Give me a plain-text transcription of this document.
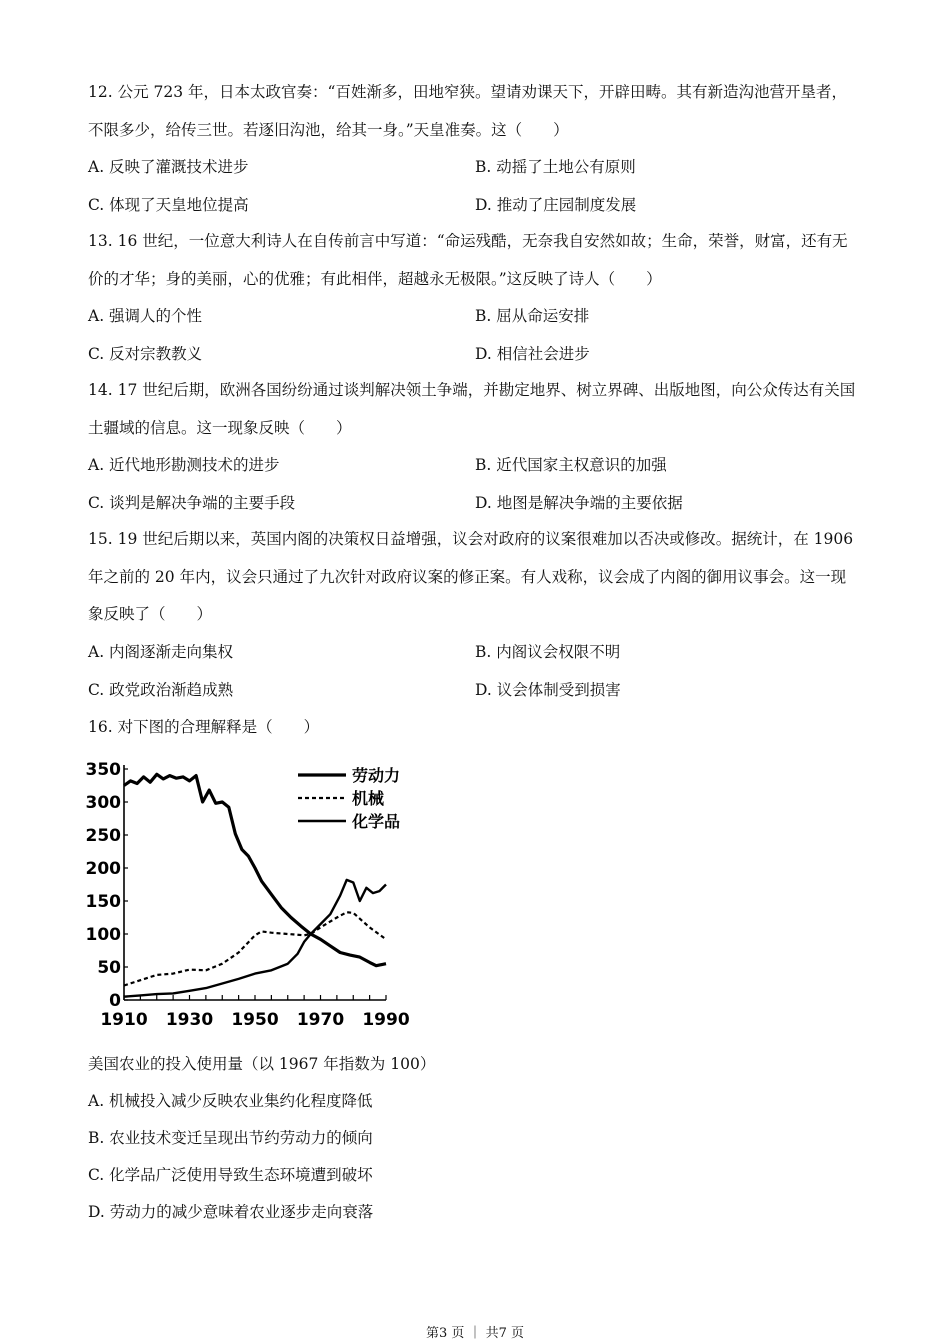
12. 公元 723 年，日本太政官奏：“百姓渐多，田地窄狭。望请劝课天下，开辟田畴。其有新造沟池营开垦者，不限多少，给传三世。若逐旧沟池，给其一身。”天皇准奏。这（　　）
A. 反映了灌溉技术进步	B. 动摇了土地公有原则
C. 体现了天皇地位提高	D. 推动了庄园制度发展
13. 16 世纪，一位意大利诗人在自传前言中写道：“命运残酷，无奈我自安然如故；生命，荣誉，财富，还有无价的才华；身的美丽，心的优雅；有此相伴，超越永无极限。”这反映了诗人（　　）
A. 强调人的个性	B. 屈从命运安排
C. 反对宗教教义	D. 相信社会进步
14. 17 世纪后期，欧洲各国纷纷通过谈判解决领土争端，并勘定地界、树立界碑、出版地图，向公众传达有关国土疆域的信息。这一现象反映（　　）
A. 近代地形勘测技术的进步	B. 近代国家主权意识的加强
C. 谈判是解决争端的主要手段	D. 地图是解决争端的主要依据
15. 19 世纪后期以来，英国内阁的决策权日益增强，议会对政府的议案很难加以否决或修改。据统计，在 1906 年之前的 20 年内，议会只通过了九次针对政府议案的修正案。有人戏称，议会成了内阁的御用议事会。这一现象反映了（　　）
A. 内阁逐渐走向集权	B. 内阁议会权限不明
C. 政党政治渐趋成熟	D. 议会体制受到损害
16. 对下图的合理解释是（　　）
0
50
100
150
200
250
300
350
1910 1930 1950 1970 1990
劳动力
机械
化学品
美国农业的投入使用量（以 1967 年指数为 100）
A. 机械投入减少反映农业集约化程度降低
B. 农业技术变迁呈现出节约劳动力的倾向
C. 化学品广泛使用导致生态环境遭到破坏
D. 劳动力的减少意味着农业逐步走向衰落
第3 页 ｜ 共7 页
